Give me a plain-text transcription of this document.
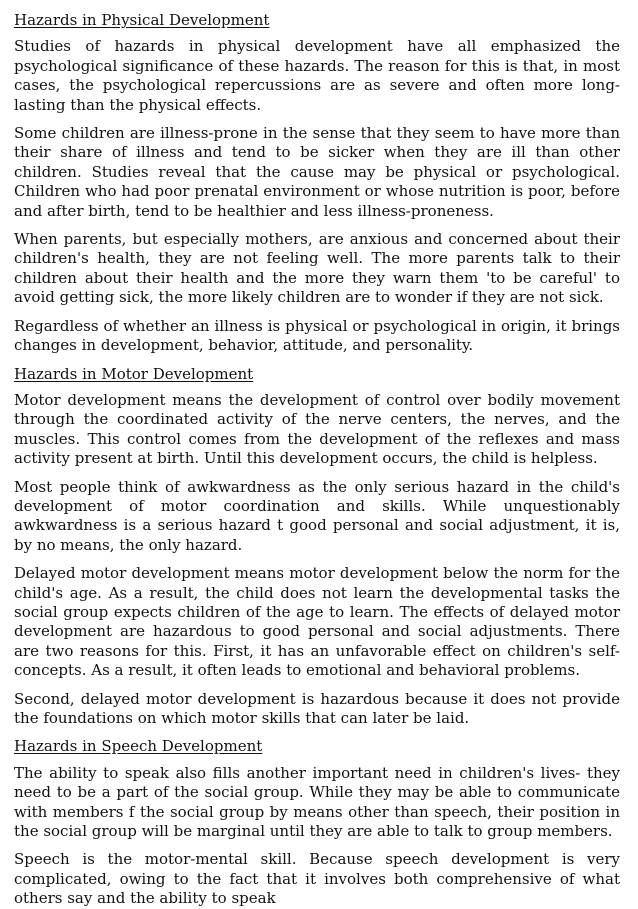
Hazards in Physical Development

Studies of hazards in physical development have all emphasized the psychological significance of these hazards. The reason for this is that, in most cases, the psychological repercussions are as severe and often more long-lasting than the physical effects.

Some children are illness-prone in the sense that they seem to have more than their share of illness and tend to be sicker when they are ill than other children. Studies reveal that the cause may be physical or psychological. Children who had poor prenatal environment or whose nutrition is poor, before and after birth, tend to be healthier and less illness-proneness.

When parents, but especially mothers, are anxious and concerned about their children's health, they are not feeling well. The more parents talk to their children about their health and the more they warn them 'to be careful' to avoid getting sick, the more likely children are to wonder if they are not sick.

Regardless of whether an illness is physical or psychological in origin, it brings changes in development, behavior, attitude, and personality.

Hazards in Motor Development

Motor development means the development of control over bodily movement through the coordinated activity of the nerve centers, the nerves, and the muscles. This control comes from the development of the reflexes and mass activity present at birth. Until this development occurs, the child is helpless.

Most people think of awkwardness as the only serious hazard in the child's development of motor coordination and skills. While unquestionably awkwardness is a serious hazard t good personal and social adjustment, it is, by no means, the only hazard.

Delayed motor development means motor development below the norm for the child's age. As a result, the child does not learn the developmental tasks the social group expects children of the age to learn. The effects of delayed motor development are hazardous to good personal and social adjustments. There are two reasons for this. First, it has an unfavorable effect on children's self-concepts. As a result, it often leads to emotional and behavioral problems.

Second, delayed motor development is hazardous because it does not provide the foundations on which motor skills that can later be laid.

Hazards in Speech Development

The ability to speak also fills another important need in children's lives- they need to be a part of the social group. While they may be able to communicate with members f the social group by means other than speech, their position in the social group will be marginal until they are able to talk to group members.

Speech is the motor-mental skill. Because speech development is very complicated, owing to the fact that it involves both comprehensive of what others say and the ability to speak
